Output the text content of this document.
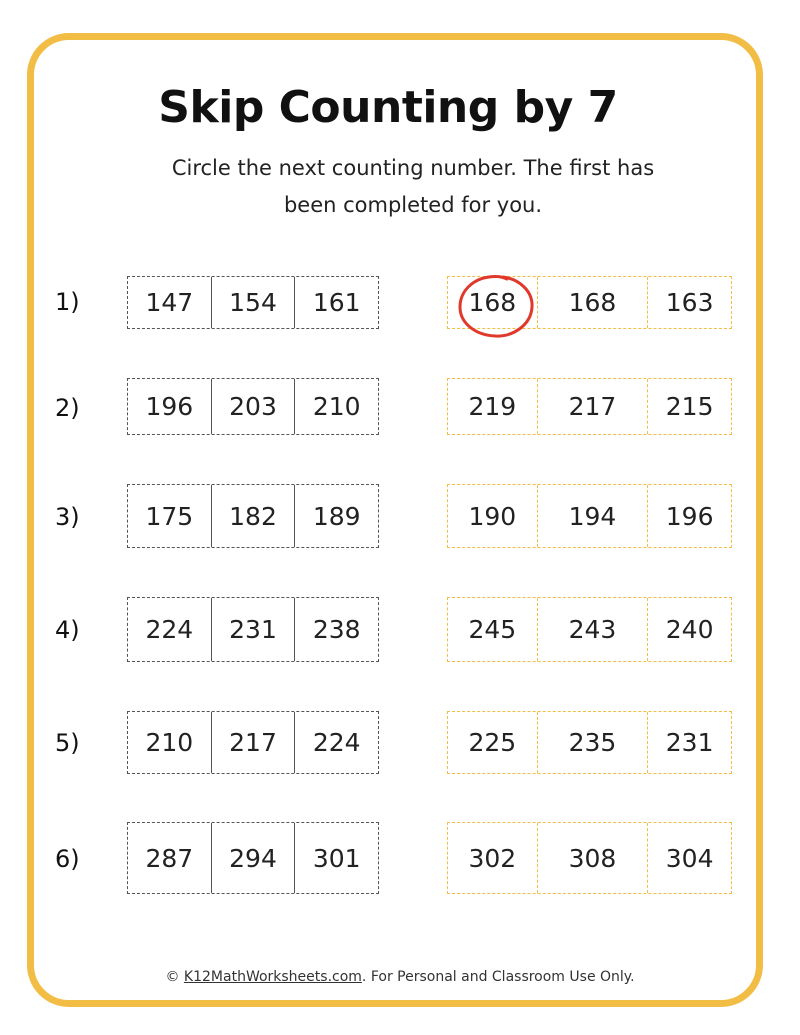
Skip Counting by 7
Circle the next counting number. The first has
been completed for you.
1)	147	154	161	168	168	163
2)	196	203	210	219	217	215
3)	175	182	189	190	194	196
4)	224	231	238	245	243	240
5)	210	217	224	225	235	231
6)	287	294	301	302	308	304
© K12MathWorksheets.com. For Personal and Classroom Use Only.
